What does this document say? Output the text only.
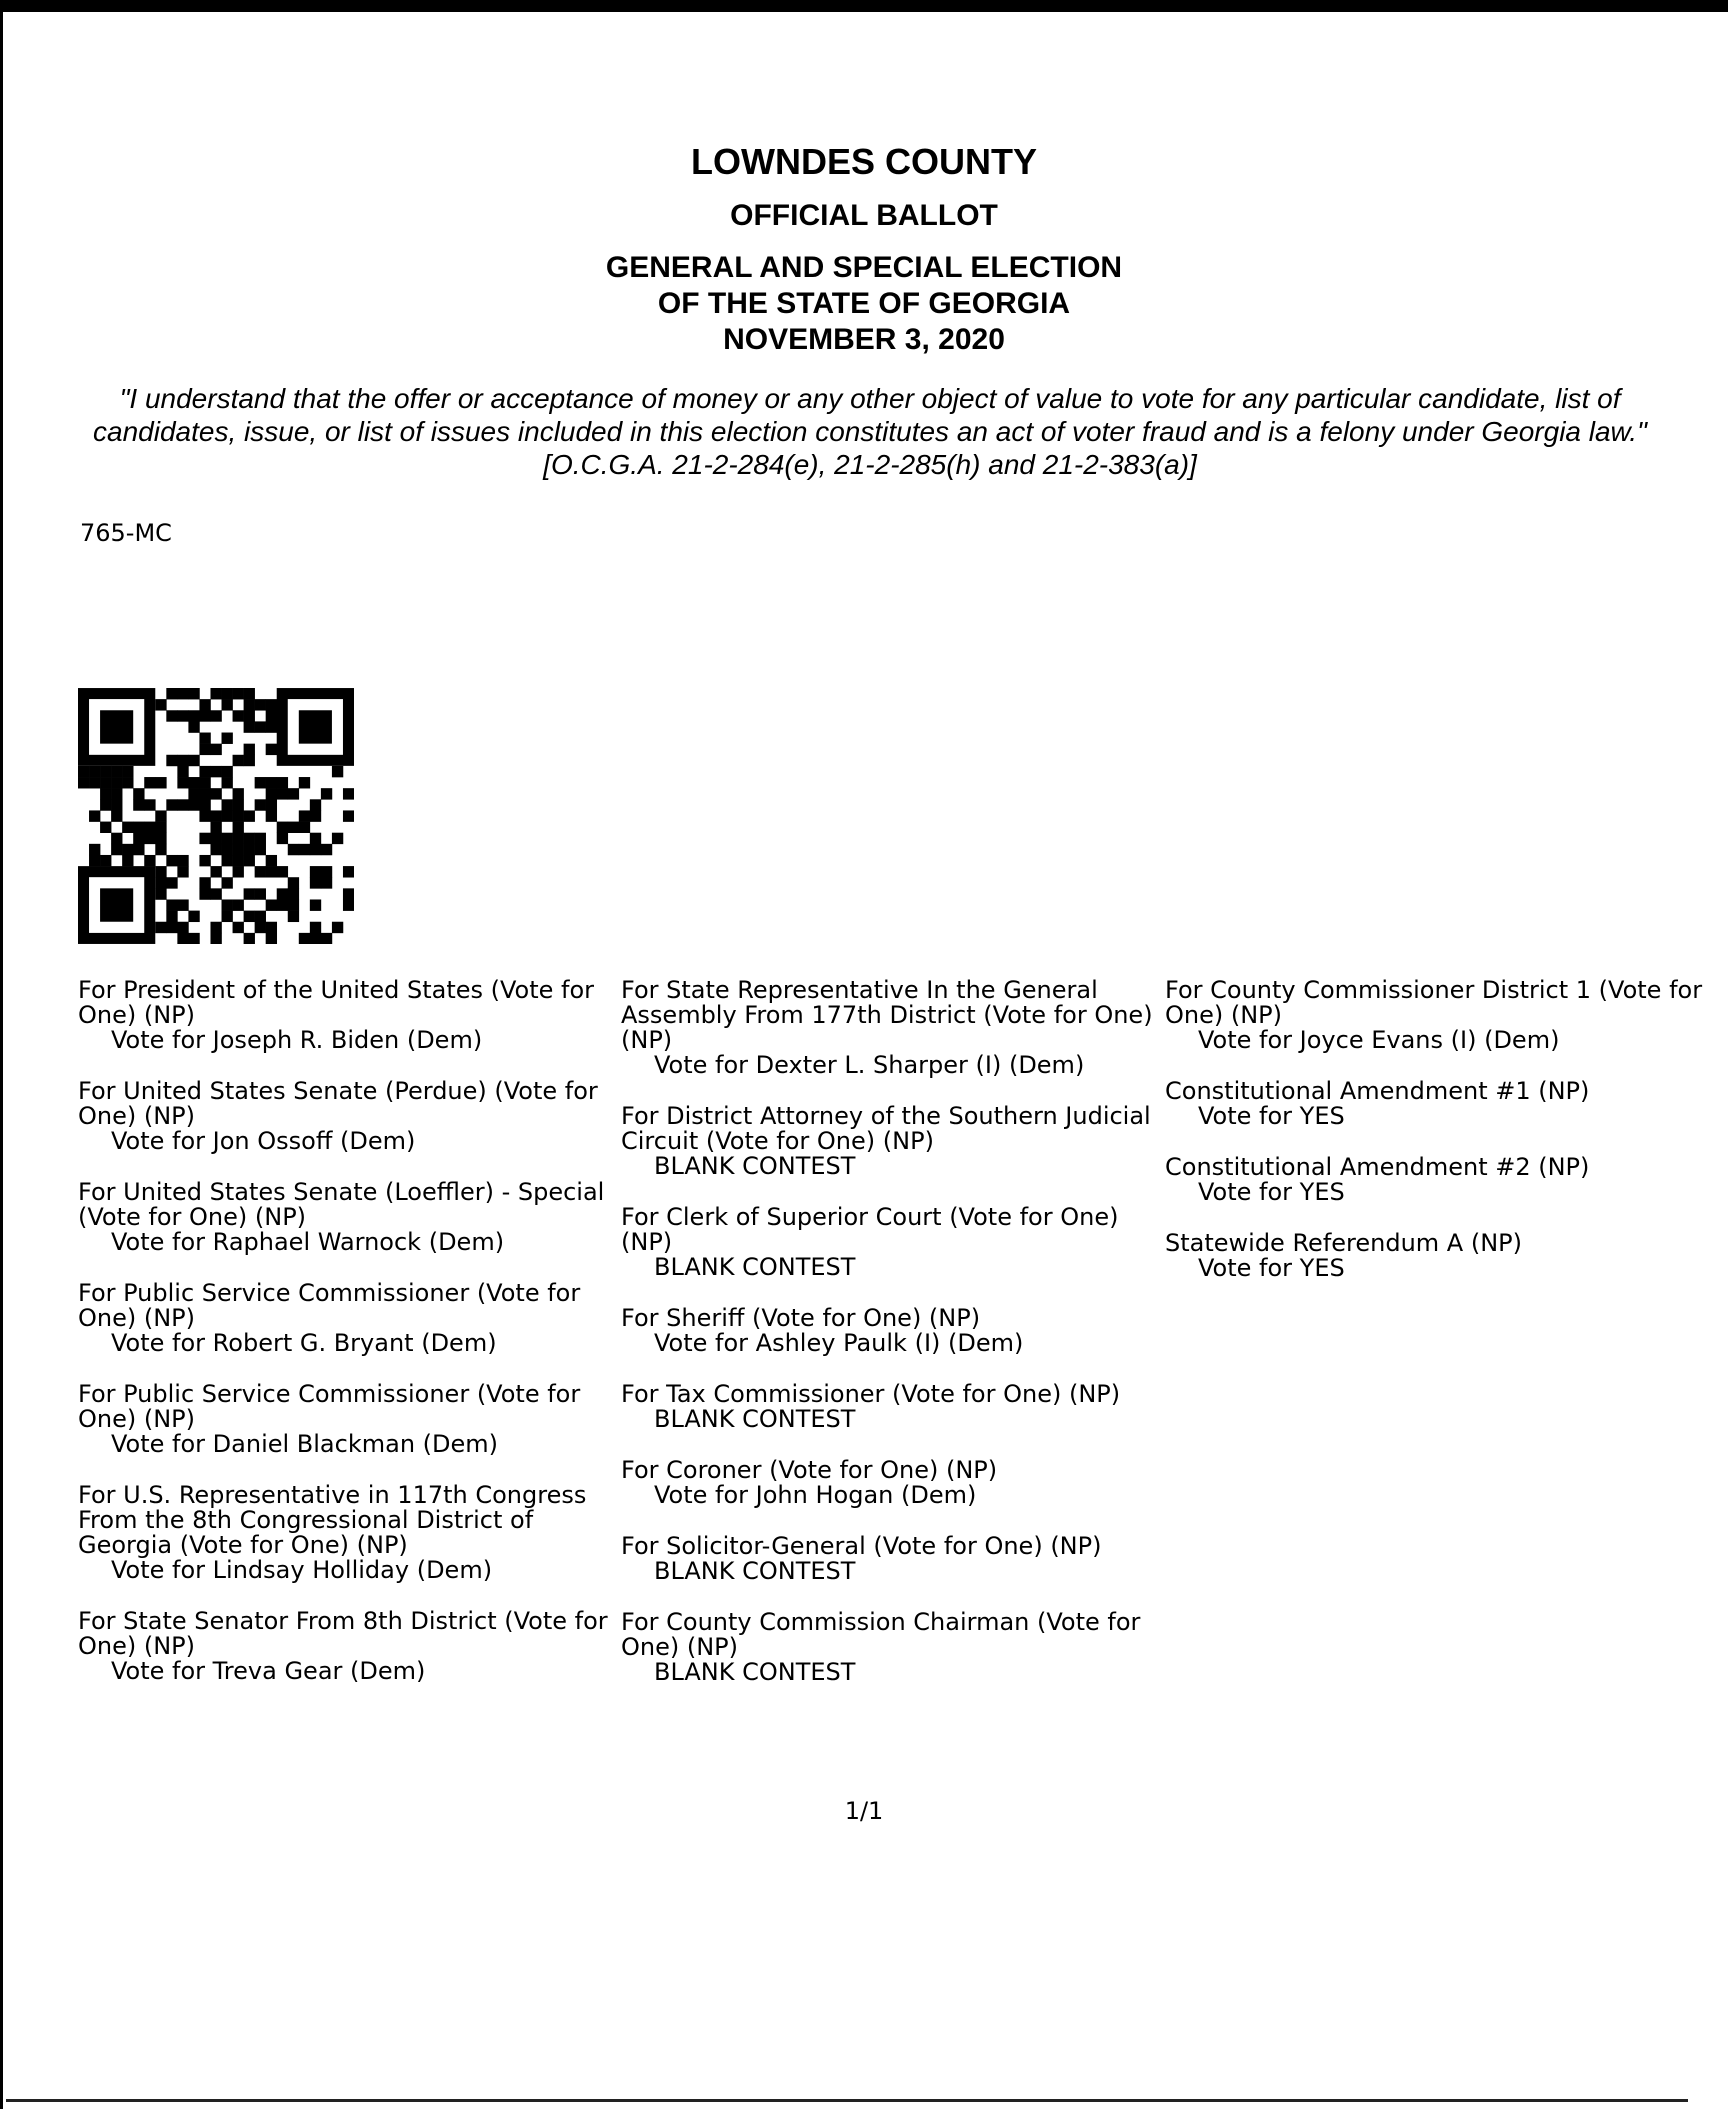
LOWNDES COUNTY
OFFICIAL BALLOT
GENERAL AND SPECIAL ELECTION
OF THE STATE OF GEORGIA
NOVEMBER 3, 2020
"I understand that the offer or acceptance of money or any other object of value to vote for any particular candidate, list of candidates, issue, or list of issues included in this election constitutes an act of voter fraud and is a felony under Georgia law." [O.C.G.A. 21-2-284(e), 21-2-285(h) and 21-2-383(a)]
765-MC
For President of the United States (Vote for One) (NP)
Vote for Joseph R. Biden (Dem)
For United States Senate (Perdue) (Vote for One) (NP)
Vote for Jon Ossoff (Dem)
For United States Senate (Loeffler) - Special (Vote for One) (NP)
Vote for Raphael Warnock (Dem)
For Public Service Commissioner (Vote for One) (NP)
Vote for Robert G. Bryant (Dem)
For Public Service Commissioner (Vote for One) (NP)
Vote for Daniel Blackman (Dem)
For U.S. Representative in 117th Congress From the 8th Congressional District of Georgia (Vote for One) (NP)
Vote for Lindsay Holliday (Dem)
For State Senator From 8th District (Vote for One) (NP)
Vote for Treva Gear (Dem)
For State Representative In the General Assembly From 177th District (Vote for One) (NP)
Vote for Dexter L. Sharper (I) (Dem)
For District Attorney of the Southern Judicial Circuit (Vote for One) (NP)
BLANK CONTEST
For Clerk of Superior Court (Vote for One) (NP)
BLANK CONTEST
For Sheriff (Vote for One) (NP)
Vote for Ashley Paulk (I) (Dem)
For Tax Commissioner (Vote for One) (NP)
BLANK CONTEST
For Coroner (Vote for One) (NP)
Vote for John Hogan (Dem)
For Solicitor-General (Vote for One) (NP)
BLANK CONTEST
For County Commission Chairman (Vote for One) (NP)
BLANK CONTEST
For County Commissioner District 1 (Vote for One) (NP)
Vote for Joyce Evans (I) (Dem)
Constitutional Amendment #1 (NP)
Vote for YES
Constitutional Amendment #2 (NP)
Vote for YES
Statewide Referendum A (NP)
Vote for YES
1/1
